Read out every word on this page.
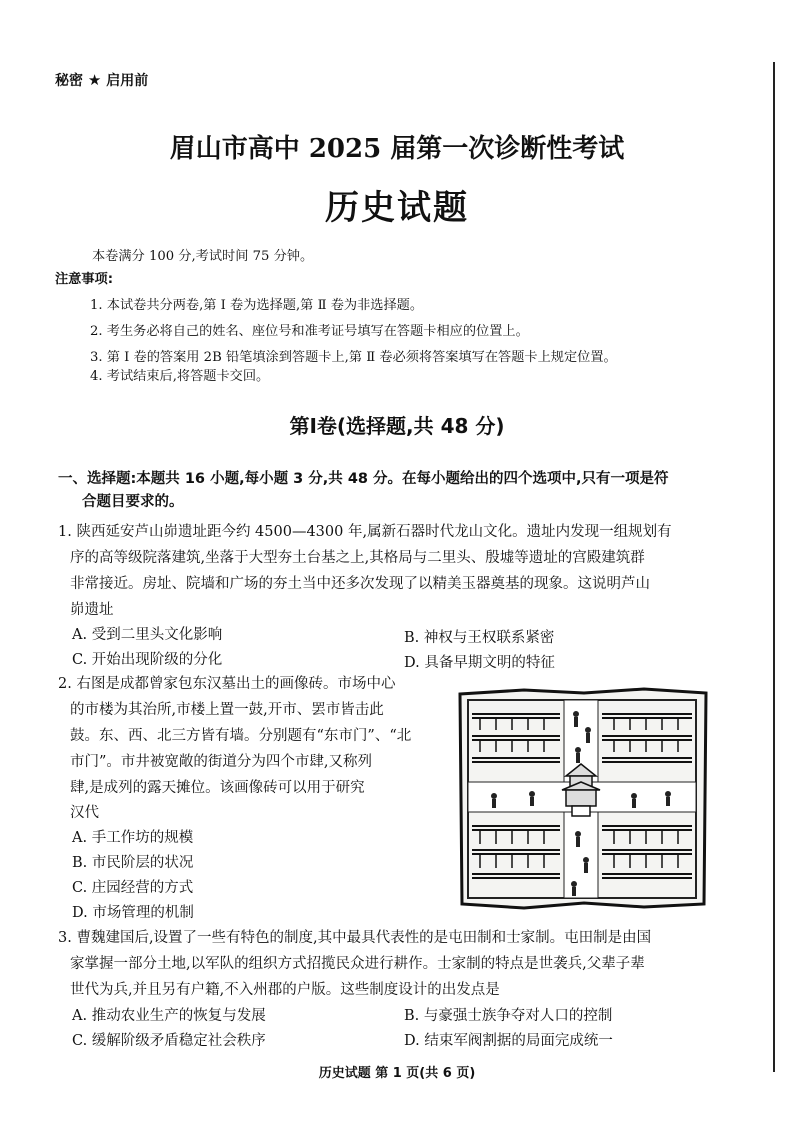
秘密 ★ 启用前
眉山市高中 2025 届第一次诊断性考试
历史试题
本卷满分 100 分,考试时间 75 分钟。
注意事项:
1. 本试卷共分两卷,第 Ⅰ 卷为选择题,第 Ⅱ 卷为非选择题。
2. 考生务必将自己的姓名、座位号和准考证号填写在答题卡相应的位置上。
3. 第 Ⅰ 卷的答案用 2B 铅笔填涂到答题卡上,第 Ⅱ 卷必须将答案填写在答题卡上规定位置。
4. 考试结束后,将答题卡交回。
第Ⅰ卷(选择题,共 48 分)
一、选择题:本题共 16 小题,每小题 3 分,共 48 分。在每小题给出的四个选项中,只有一项是符
合题目要求的。
1. 陕西延安芦山峁遗址距今约 4500—4300 年,属新石器时代龙山文化。遗址内发现一组规划有
序的高等级院落建筑,坐落于大型夯土台基之上,其格局与二里头、殷墟等遗址的宫殿建筑群
非常接近。房址、院墙和广场的夯土当中还多次发现了以精美玉器奠基的现象。这说明芦山
峁遗址
A. 受到二里头文化影响	B. 神权与王权联系紧密
C. 开始出现阶级的分化	D. 具备早期文明的特征
2. 右图是成都曾家包东汉墓出土的画像砖。市场中心
的市楼为其治所,市楼上置一鼓,开市、罢市皆击此
鼓。东、西、北三方皆有墙。分别题有“东市门”、“北
市门”。市井被宽敞的街道分为四个市肆,又称列
肆,是成列的露天摊位。该画像砖可以用于研究
汉代
A. 手工作坊的规模
B. 市民阶层的状况
C. 庄园经营的方式
D. 市场管理的机制
3. 曹魏建国后,设置了一些有特色的制度,其中最具代表性的是屯田制和士家制。屯田制是由国
家掌握一部分土地,以军队的组织方式招揽民众进行耕作。士家制的特点是世袭兵,父辈子辈
世代为兵,并且另有户籍,不入州郡的户版。这些制度设计的出发点是
A. 推动农业生产的恢复与发展	B. 与豪强士族争夺对人口的控制
C. 缓解阶级矛盾稳定社会秩序	D. 结束军阀割据的局面完成统一
历史试题 第 1 页(共 6 页)
